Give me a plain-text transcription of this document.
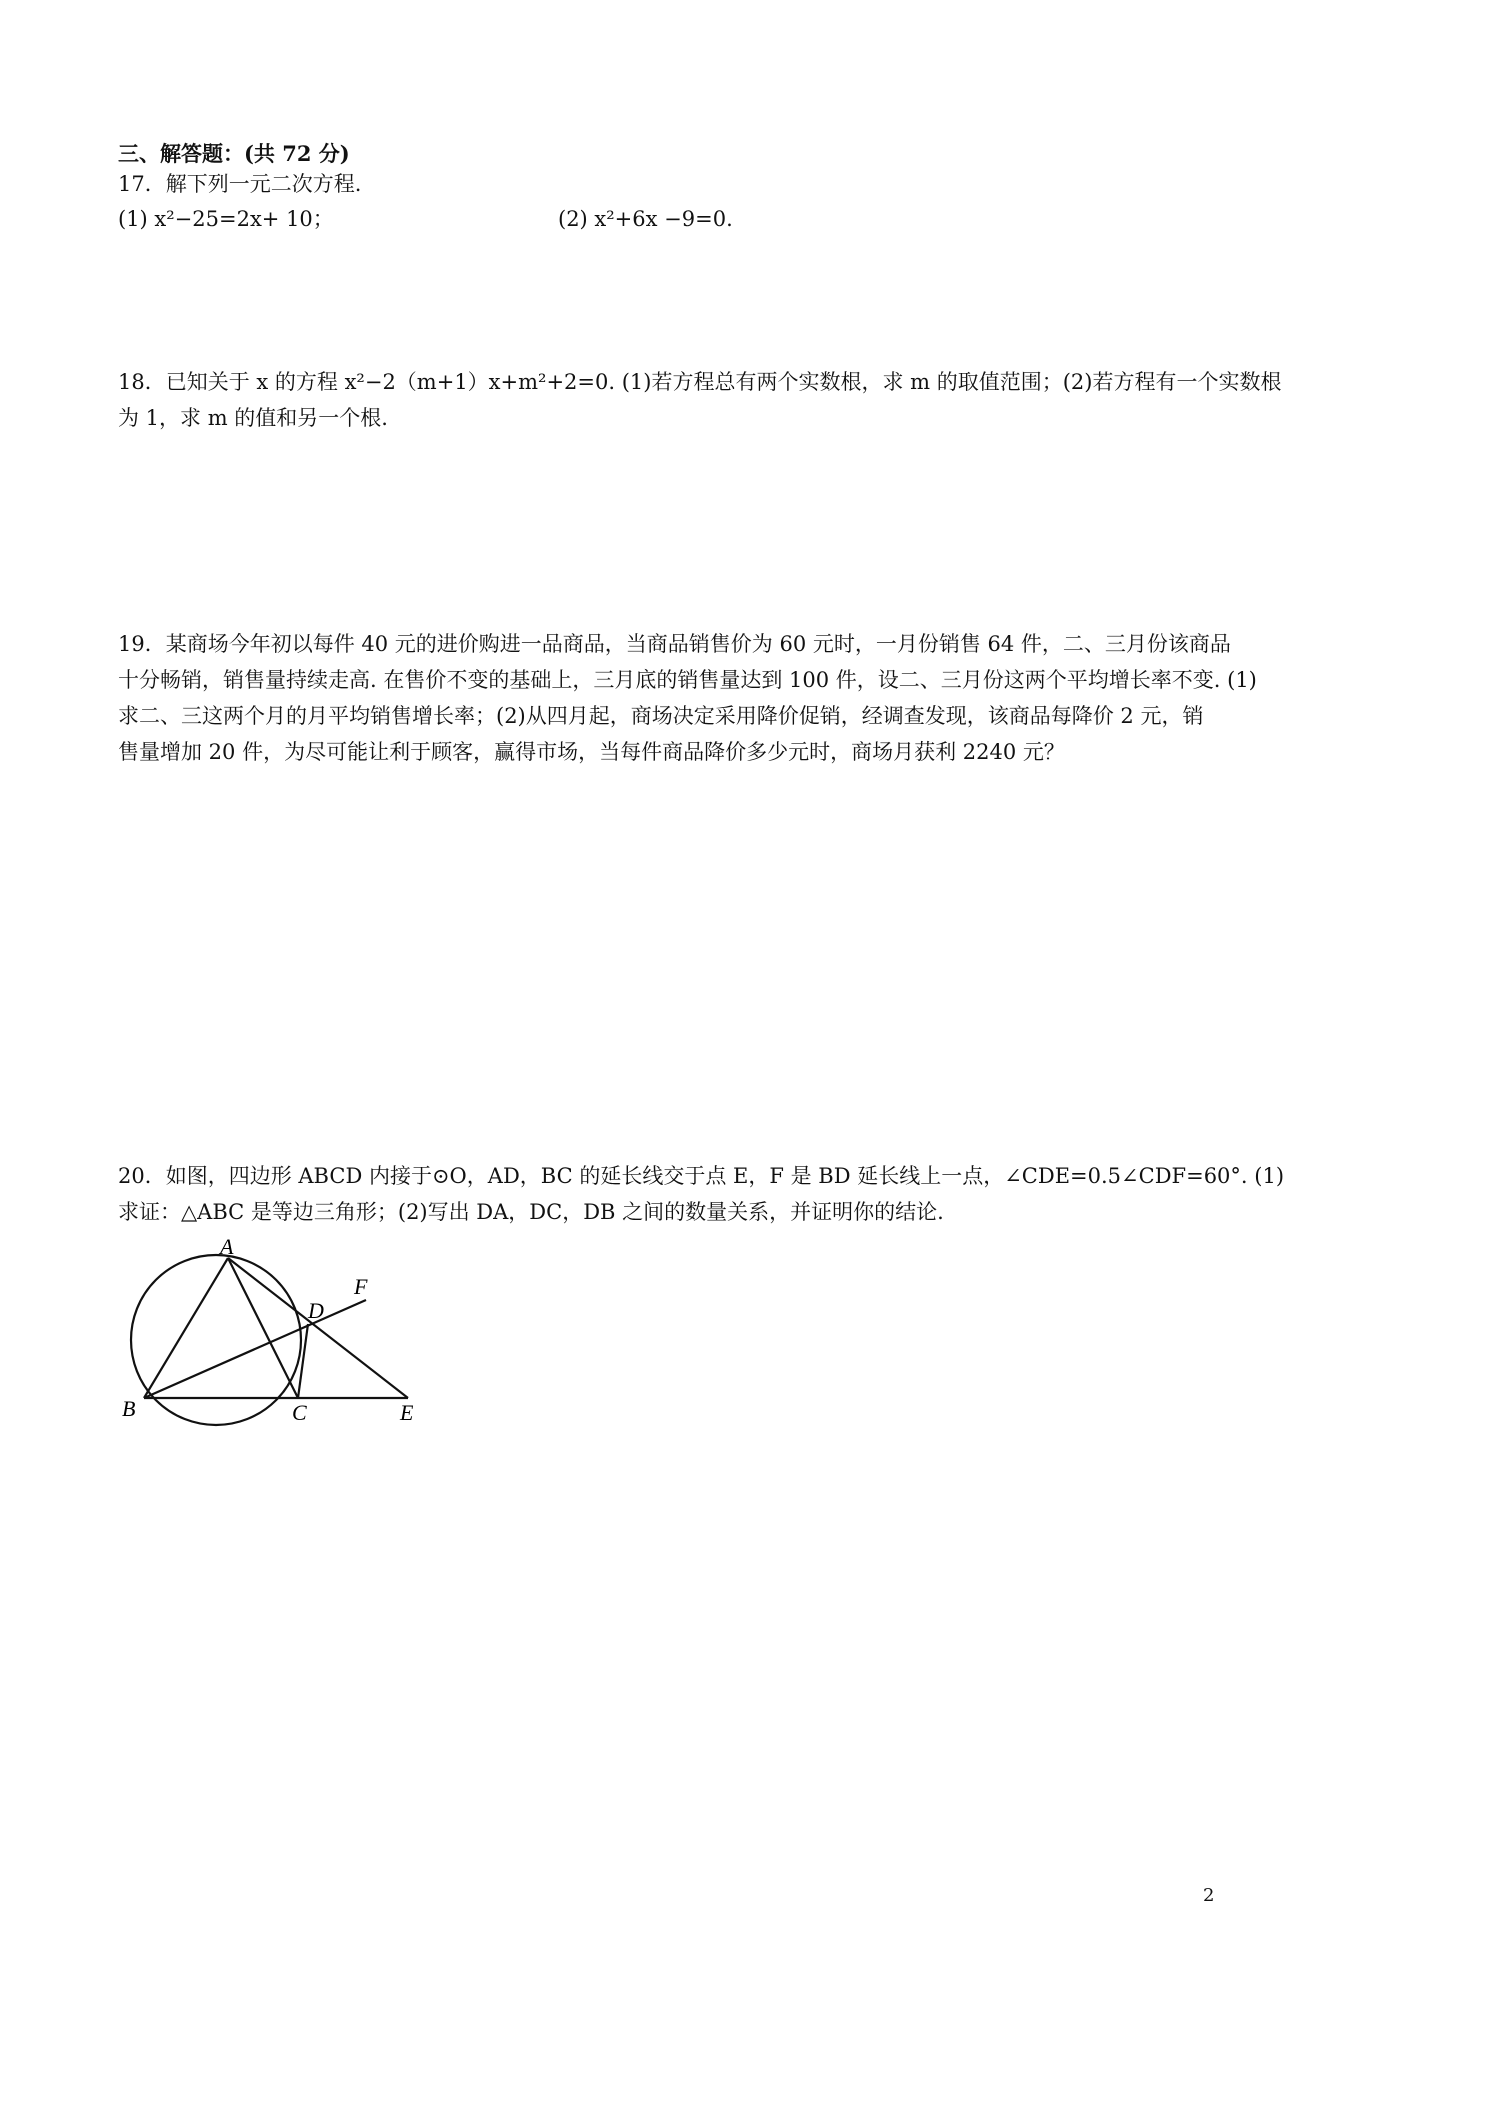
三、解答题：(共 72 分)
17．解下列一元二次方程.
(1) x²−25=2x+ 10；	(2) x²+6x −9=0.
18．已知关于 x 的方程 x²−2（m+1）x+m²+2=0. (1)若方程总有两个实数根，求 m 的取值范围；(2)若方程有一个实数根
为 1，求 m 的值和另一个根.
19．某商场今年初以每件 40 元的进价购进一品商品，当商品销售价为 60 元时，一月份销售 64 件，二、三月份该商品
十分畅销，销售量持续走高. 在售价不变的基础上，三月底的销售量达到 100 件，设二、三月份这两个平均增长率不变. (1)
求二、三这两个月的月平均销售增长率；(2)从四月起，商场决定采用降价促销，经调查发现，该商品每降价 2 元，销
售量增加 20 件，为尽可能让利于顾客，赢得市场，当每件商品降价多少元时，商场月获利 2240 元？
20．如图，四边形 ABCD 内接于⊙O，AD，BC 的延长线交于点 E，F 是 BD 延长线上一点，∠CDE=0.5∠CDF=60°. (1)
求证：△ABC 是等边三角形；(2)写出 DA，DC，DB 之间的数量关系，并证明你的结论.
A
B	C
D
E
F
2
